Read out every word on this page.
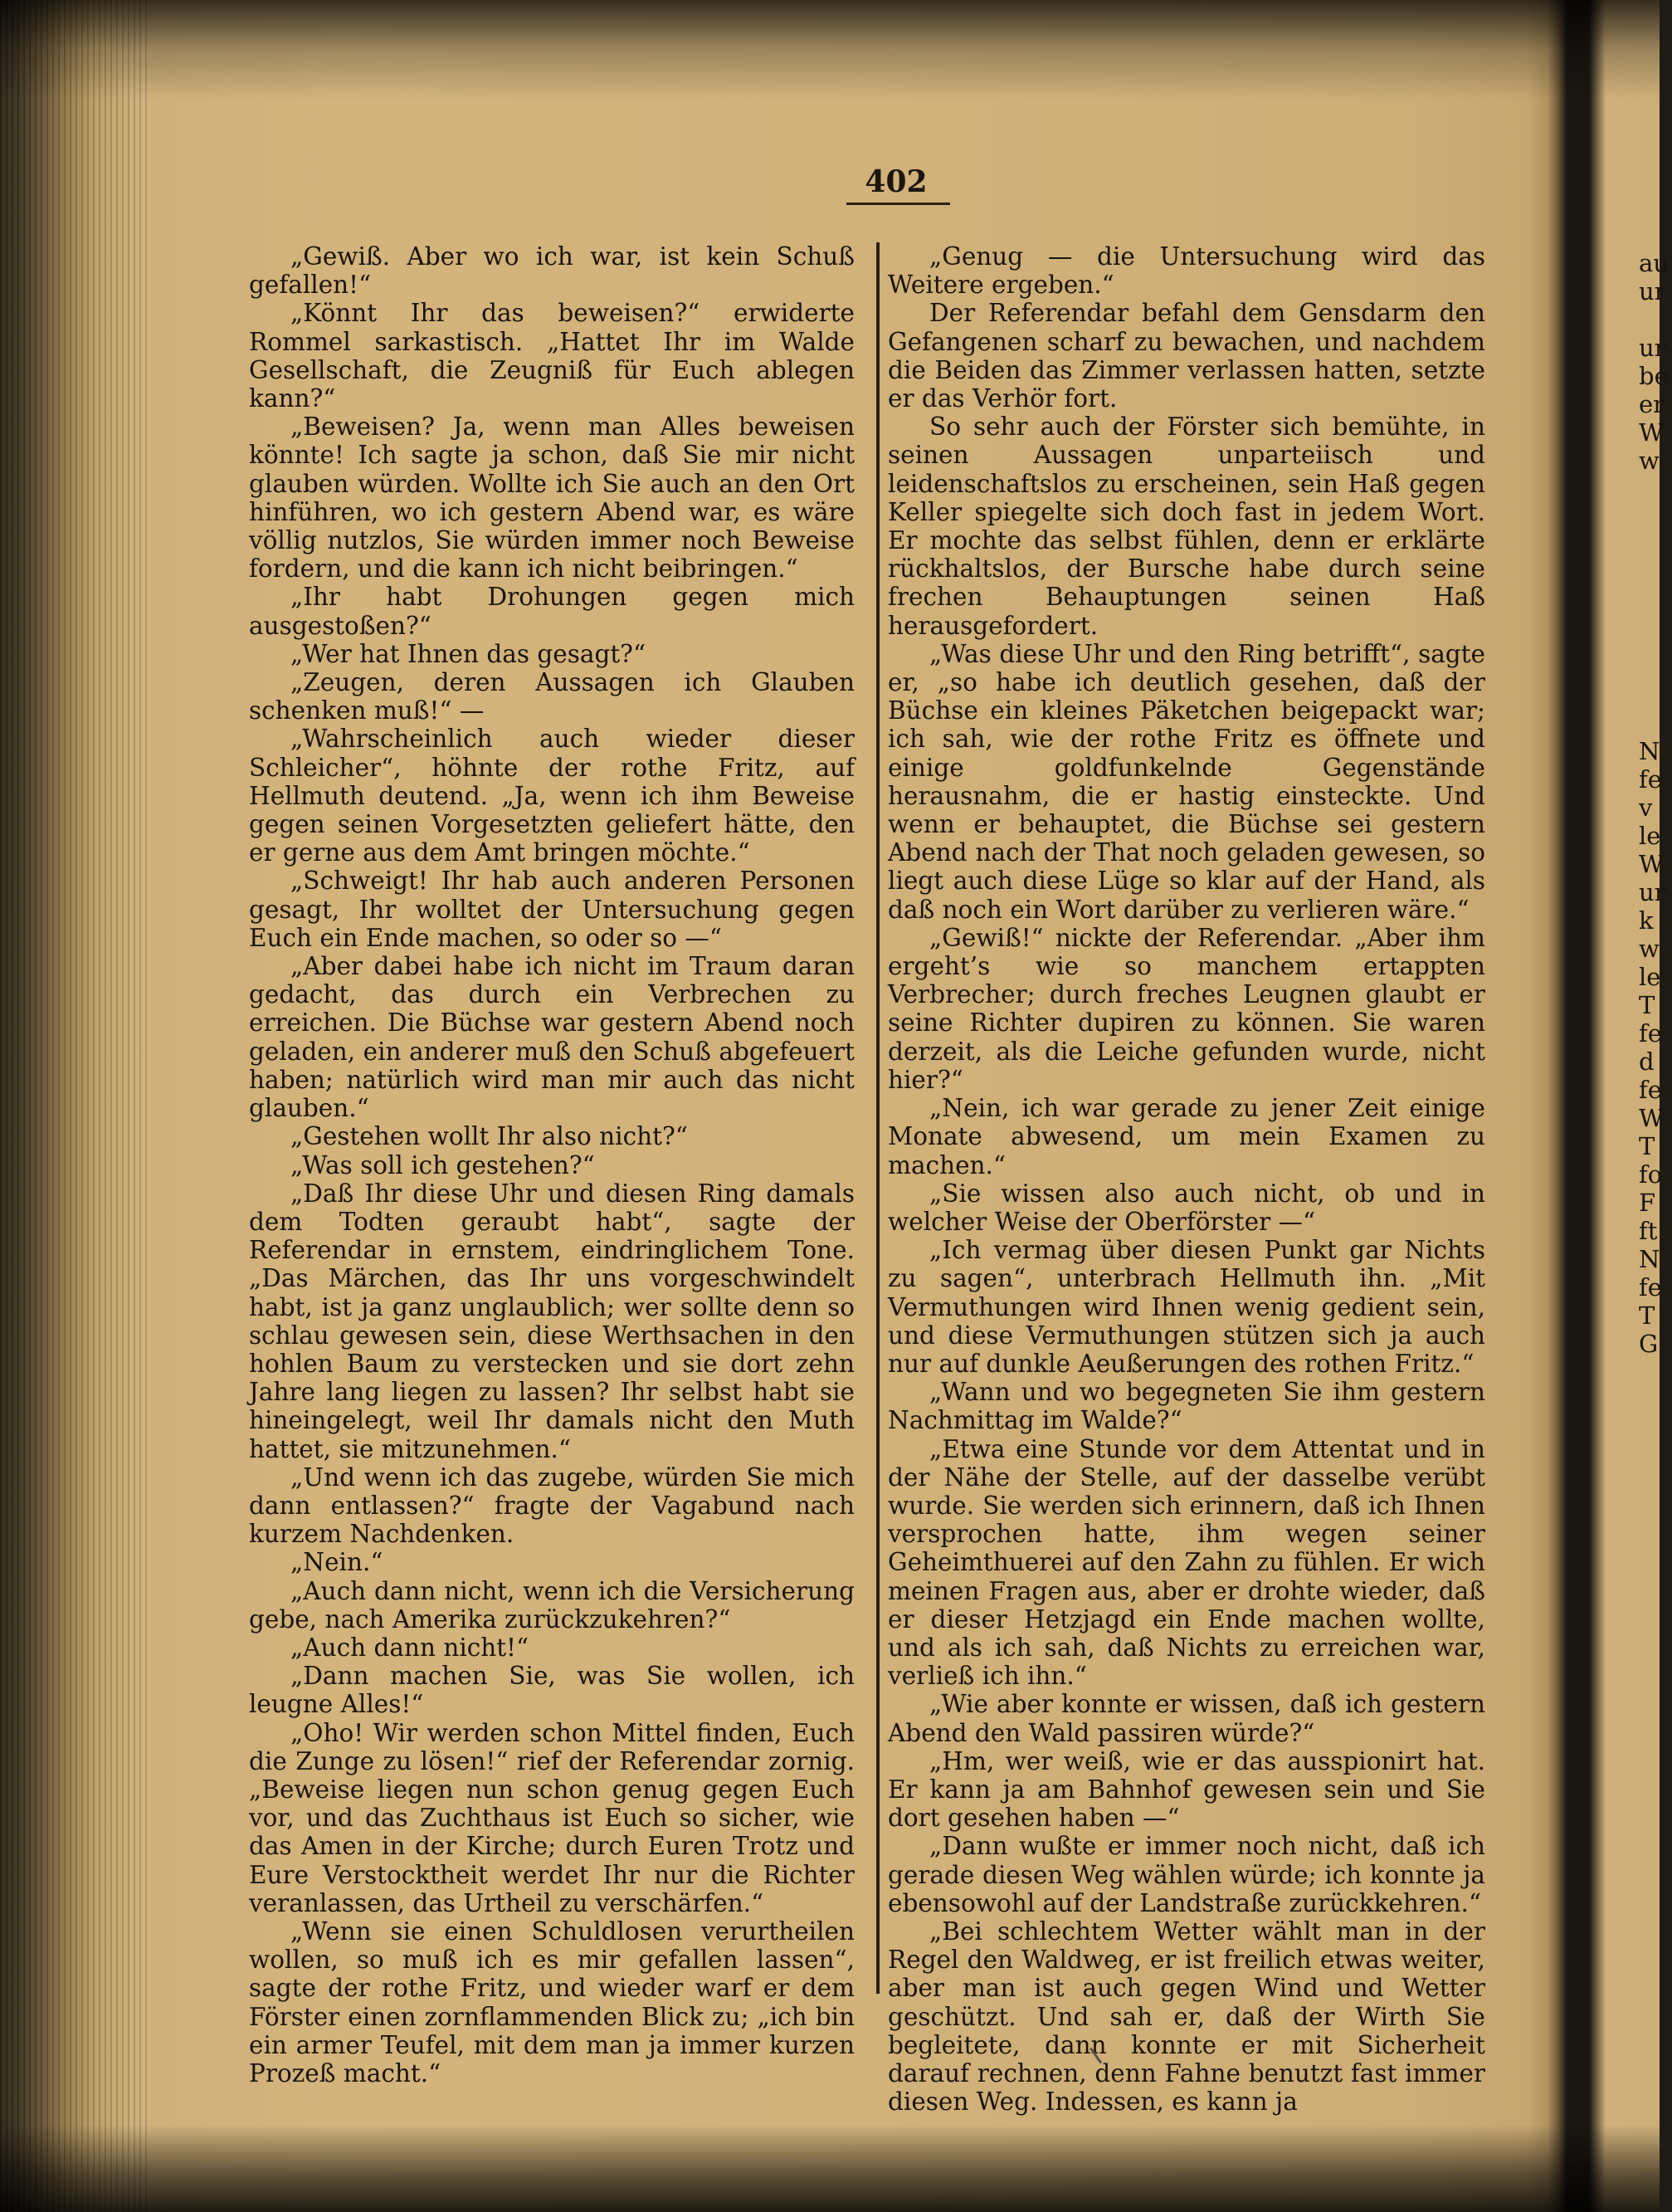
402

„Gewiß. Aber wo ich war, ist kein Schuß gefallen!“

„Könnt Ihr das beweisen?“ erwiderte Rommel sarkastisch. „Hattet Ihr im Walde Gesellschaft, die Zeugniß für Euch ablegen kann?“

„Beweisen? Ja, wenn man Alles beweisen könnte! Ich sagte ja schon, daß Sie mir nicht glauben würden. Wollte ich Sie auch an den Ort hinführen, wo ich gestern Abend war, es wäre völlig nutzlos, Sie würden immer noch Beweise fordern, und die kann ich nicht beibringen.“

„Ihr habt Drohungen gegen mich ausgestoßen?“

„Wer hat Ihnen das gesagt?“

„Zeugen, deren Aussagen ich Glauben schenken muß!“ —

„Wahrscheinlich auch wieder dieser Schleicher“, höhnte der rothe Fritz, auf Hellmuth deutend. „Ja, wenn ich ihm Beweise gegen seinen Vorgesetzten geliefert hätte, den er gerne aus dem Amt bringen möchte.“

„Schweigt! Ihr hab auch anderen Personen gesagt, Ihr wolltet der Untersuchung gegen Euch ein Ende machen, so oder so —“

„Aber dabei habe ich nicht im Traum daran gedacht, das durch ein Verbrechen zu erreichen. Die Büchse war gestern Abend noch geladen, ein anderer muß den Schuß abgefeuert haben; natürlich wird man mir auch das nicht glauben.“

„Gestehen wollt Ihr also nicht?“

„Was soll ich gestehen?“

„Daß Ihr diese Uhr und diesen Ring damals dem Todten geraubt habt“, sagte der Referendar in ernstem, eindringlichem Tone. „Das Märchen, das Ihr uns vorgeschwindelt habt, ist ja ganz unglaublich; wer sollte denn so schlau gewesen sein, diese Werthsachen in den hohlen Baum zu verstecken und sie dort zehn Jahre lang liegen zu lassen? Ihr selbst habt sie hineingelegt, weil Ihr damals nicht den Muth hattet, sie mitzunehmen.“

„Und wenn ich das zugebe, würden Sie mich dann entlassen?“ fragte der Vagabund nach kurzem Nachdenken.

„Nein.“

„Auch dann nicht, wenn ich die Versicherung gebe, nach Amerika zurückzukehren?“

„Auch dann nicht!“

„Dann machen Sie, was Sie wollen, ich leugne Alles!“

„Oho! Wir werden schon Mittel finden, Euch die Zunge zu lösen!“ rief der Referendar zornig. „Beweise liegen nun schon genug gegen Euch vor, und das Zuchthaus ist Euch so sicher, wie das Amen in der Kirche; durch Euren Trotz und Eure Verstocktheit werdet Ihr nur die Richter veranlassen, das Urtheil zu verschärfen.“

„Wenn sie einen Schuldlosen verurtheilen wollen, so muß ich es mir gefallen lassen“, sagte der rothe Fritz, und wieder warf er dem Förster einen zornflammenden Blick zu; „ich bin ein armer Teufel, mit dem man ja immer kurzen Prozeß macht.“

„Genug — die Untersuchung wird das Weitere ergeben.“

Der Referendar befahl dem Gensdarm den Gefangenen scharf zu bewachen, und nachdem die Beiden das Zimmer verlassen hatten, setzte er das Verhör fort.

So sehr auch der Förster sich bemühte, in seinen Aussagen unparteiisch und leidenschaftslos zu erscheinen, sein Haß gegen Keller spiegelte sich doch fast in jedem Wort. Er mochte das selbst fühlen, denn er erklärte rückhaltslos, der Bursche habe durch seine frechen Behauptungen seinen Haß herausgefordert.

„Was diese Uhr und den Ring betrifft“, sagte er, „so habe ich deutlich gesehen, daß der Büchse ein kleines Päketchen beigepackt war; ich sah, wie der rothe Fritz es öffnete und einige goldfunkelnde Gegenstände herausnahm, die er hastig einsteckte. Und wenn er behauptet, die Büchse sei gestern Abend nach der That noch geladen gewesen, so liegt auch diese Lüge so klar auf der Hand, als daß noch ein Wort darüber zu verlieren wäre.“

„Gewiß!“ nickte der Referendar. „Aber ihm ergeht’s wie so manchem ertappten Verbrecher; durch freches Leugnen glaubt er seine Richter dupiren zu können. Sie waren derzeit, als die Leiche gefunden wurde, nicht hier?“

„Nein, ich war gerade zu jener Zeit einige Monate abwesend, um mein Examen zu machen.“

„Sie wissen also auch nicht, ob und in welcher Weise der Oberförster —“

„Ich vermag über diesen Punkt gar Nichts zu sagen“, unterbrach Hellmuth ihn. „Mit Vermuthungen wird Ihnen wenig gedient sein, und diese Vermuthungen stützen sich ja auch nur auf dunkle Aeußerungen des rothen Fritz.“

„Wann und wo begegneten Sie ihm gestern Nachmittag im Walde?“

„Etwa eine Stunde vor dem Attentat und in der Nähe der Stelle, auf der dasselbe verübt wurde. Sie werden sich erinnern, daß ich Ihnen versprochen hatte, ihm wegen seiner Geheimthuerei auf den Zahn zu fühlen. Er wich meinen Fragen aus, aber er drohte wieder, daß er dieser Hetzjagd ein Ende machen wollte, und als ich sah, daß Nichts zu erreichen war, verließ ich ihn.“

„Wie aber konnte er wissen, daß ich gestern Abend den Wald passiren würde?“

„Hm, wer weiß, wie er das ausspionirt hat. Er kann ja am Bahnhof gewesen sein und Sie dort gesehen haben —“

„Dann wußte er immer noch nicht, daß ich gerade diesen Weg wählen würde; ich konnte ja ebensowohl auf der Landstraße zurückkehren.“

„Bei schlechtem Wetter wählt man in der Regel den Waldweg, er ist freilich etwas weiter, aber man ist auch gegen Wind und Wetter geschützt. Und sah er, daß der Wirth Sie begleitete, dann konnte er mit Sicherheit darauf rechnen, denn Fahne benutzt fast immer diesen Weg. Indessen, es kann ja

au
ur

ur
be
er
W
w
N
fe
v
le
W
ur
k
w
le
T
fe
d
fe
W
T
fo
F
ft
N
fe
T
G
